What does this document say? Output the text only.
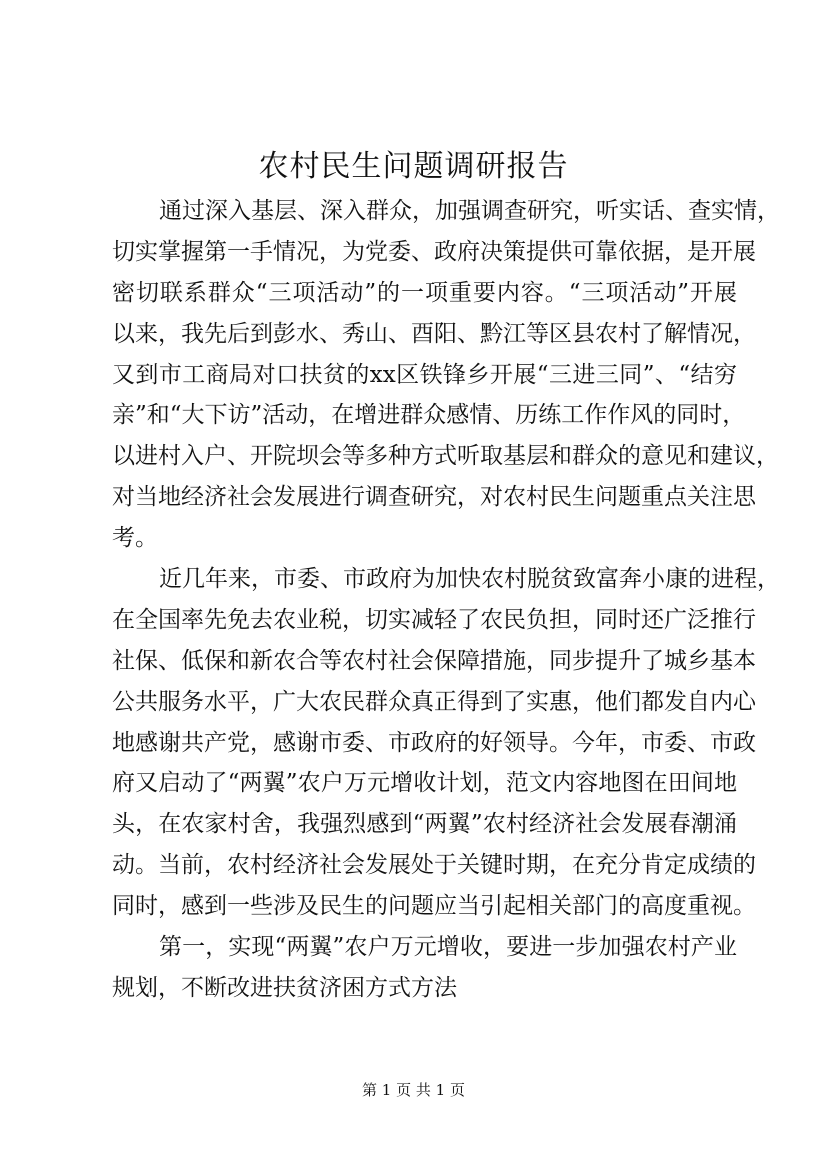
农村民生问题调研报告
通过深入基层、深入群众，加强调查研究，听实话、查实情，
切实掌握第一手情况，为党委、政府决策提供可靠依据，是开展
密切联系群众“三项活动”的一项重要内容。“三项活动”开展
以来，我先后到彭水、秀山、酉阳、黔江等区县农村了解情况，
又到市工商局对口扶贫的xx区铁锋乡开展“三进三同”、“结穷
亲”和“大下访”活动，在增进群众感情、历练工作作风的同时，
以进村入户、开院坝会等多种方式听取基层和群众的意见和建议，
对当地经济社会发展进行调查研究，对农村民生问题重点关注思
考。
近几年来，市委、市政府为加快农村脱贫致富奔小康的进程，
在全国率先免去农业税，切实减轻了农民负担，同时还广泛推行
社保、低保和新农合等农村社会保障措施，同步提升了城乡基本
公共服务水平，广大农民群众真正得到了实惠，他们都发自内心
地感谢共产党，感谢市委、市政府的好领导。今年，市委、市政
府又启动了“两翼”农户万元增收计划，范文内容地图在田间地
头，在农家村舍，我强烈感到“两翼”农村经济社会发展春潮涌
动。当前，农村经济社会发展处于关键时期，在充分肯定成绩的
同时，感到一些涉及民生的问题应当引起相关部门的高度重视。
第一，实现“两翼”农户万元增收，要进一步加强农村产业
规划，不断改进扶贫济困方式方法
第 1 页 共 1 页
